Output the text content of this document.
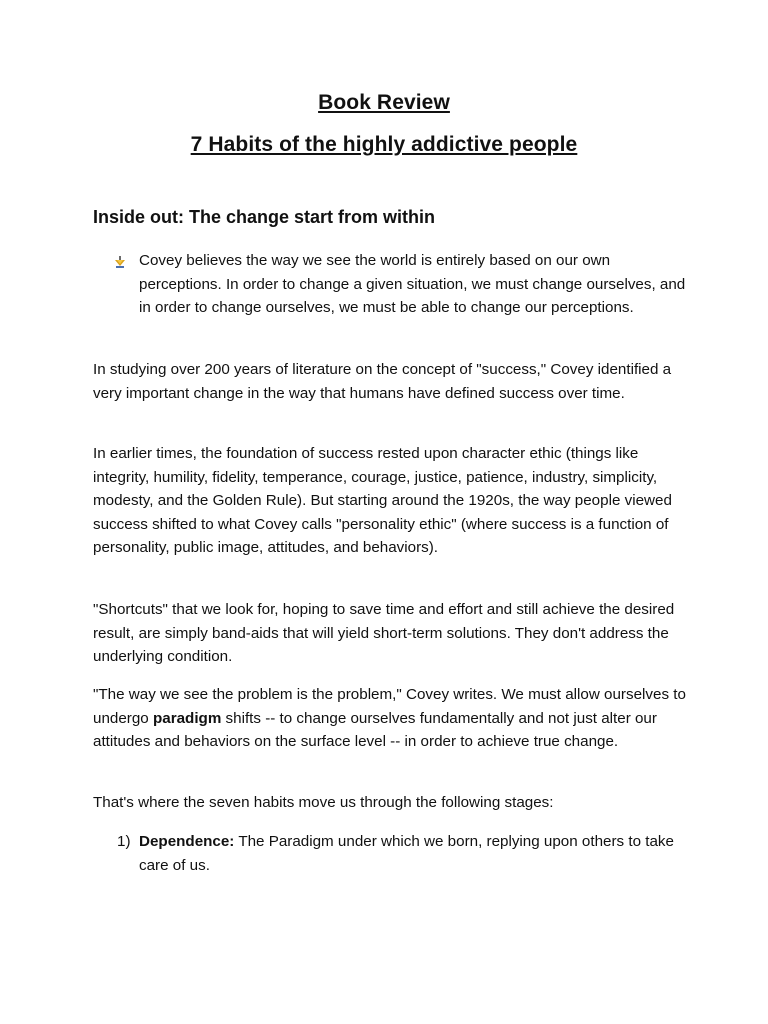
Book Review
7 Habits of the highly addictive people
Inside out: The change start from within
Covey believes the way we see the world is entirely based on our own perceptions. In order to change a given situation, we must change ourselves, and in order to change ourselves, we must be able to change our perceptions.
In studying over 200 years of literature on the concept of "success," Covey identified a very important change in the way that humans have defined success over time.
In earlier times, the foundation of success rested upon character ethic (things like integrity, humility, fidelity, temperance, courage, justice, patience, industry, simplicity, modesty, and the Golden Rule). But starting around the 1920s, the way people viewed success shifted to what Covey calls "personality ethic" (where success is a function of personality, public image, attitudes, and behaviors).
"Shortcuts" that we look for, hoping to save time and effort and still achieve the desired result, are simply band-aids that will yield short-term solutions. They don't address the underlying condition.
"The way we see the problem is the problem," Covey writes. We must allow ourselves to undergo paradigm shifts -- to change ourselves fundamentally and not just alter our attitudes and behaviors on the surface level -- in order to achieve true change.
That's where the seven habits move us through the following stages:
1) Dependence: The Paradigm under which we born, replying upon others to take care of us.
